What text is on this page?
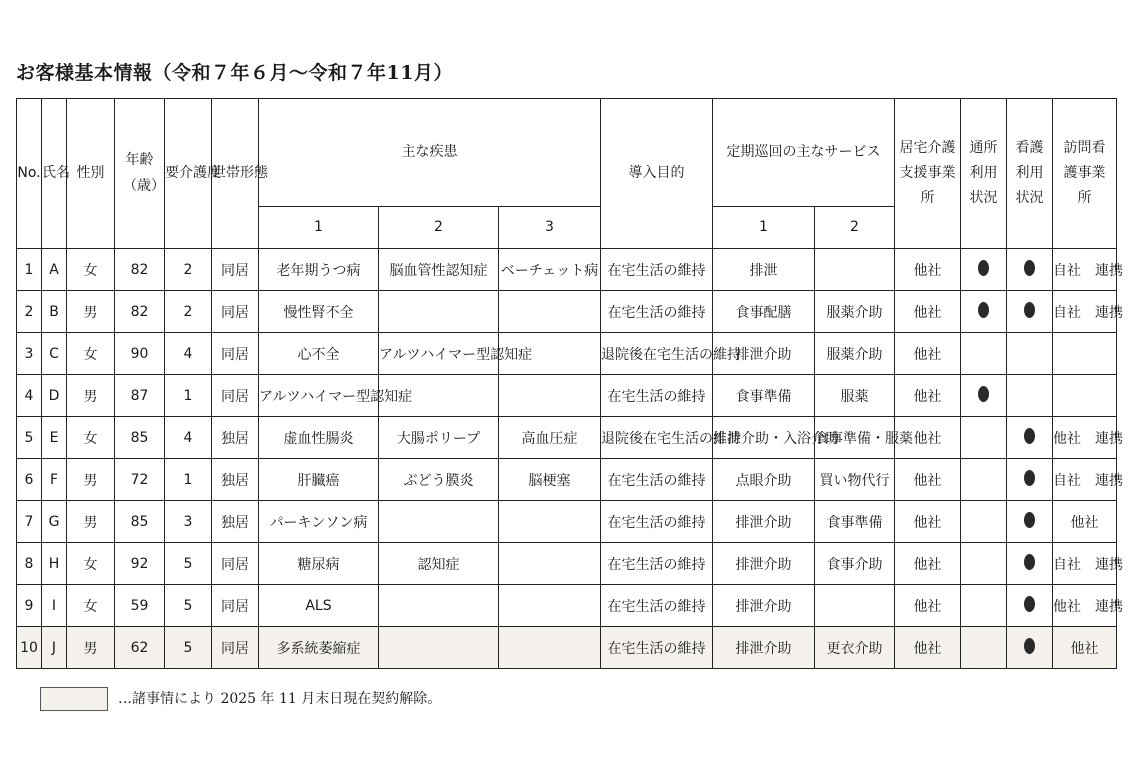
お客様基本情報（令和７年６月〜令和７年11月）
No.	氏名	性別	年齢（歳）	要介護度	世帯形態	主な疾患			導入目的	定期巡回の主なサービス		居宅介護支援事業所	通所利用状況	看護利用状況	訪問看護事業所
						1	2	3		1	2				
1	A	女	82	2	同居	老年期うつ病	脳血管性認知症	ベーチェット病	在宅生活の維持	排泄		他社			自社　連携
2	B	男	82	2	同居	慢性腎不全			在宅生活の維持	食事配膳	服薬介助	他社			自社　連携
3	C	女	90	4	同居	心不全	アルツハイマー型認知症		退院後在宅生活の維持	排泄介助	服薬介助	他社			
4	D	男	87	1	同居	アルツハイマー型認知症			在宅生活の維持	食事準備	服薬	他社			
5	E	女	85	4	独居	虚血性腸炎	大腸ポリープ	高血圧症	退院後在宅生活の維持	排泄介助・入浴介助	食事準備・服薬	他社			他社　連携
6	F	男	72	1	独居	肝臓癌	ぶどう膜炎	脳梗塞	在宅生活の維持	点眼介助	買い物代行	他社			自社　連携
7	G	男	85	3	独居	パーキンソン病			在宅生活の維持	排泄介助	食事準備	他社			他社
8	H	女	92	5	同居	糖尿病	認知症		在宅生活の維持	排泄介助	食事介助	他社			自社　連携
9	I	女	59	5	同居	ALS			在宅生活の維持	排泄介助		他社			他社　連携
10	J	男	62	5	同居	多系統萎縮症			在宅生活の維持	排泄介助	更衣介助	他社			他社
…諸事情により 2025 年 11 月末日現在契約解除。
